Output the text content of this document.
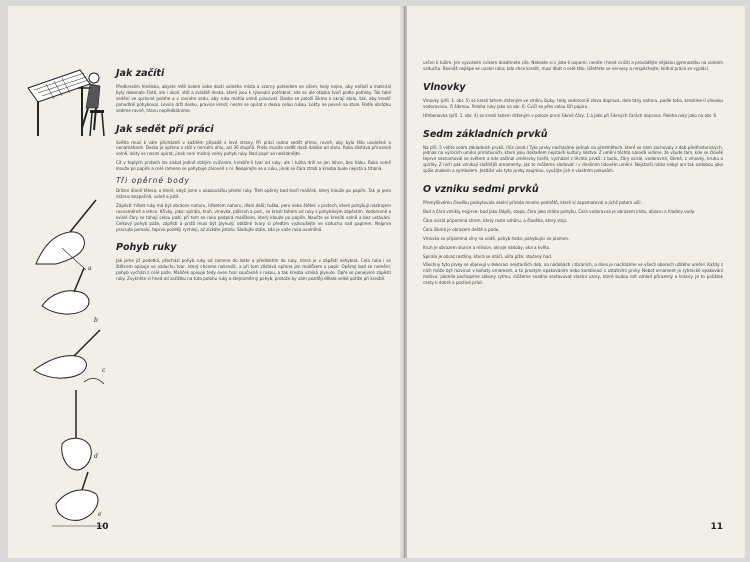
a
b
c
d
e
Jak začíti

Předkreslím hlediska, abyste měli kolem sebe dosti volného místa a vzorný pohledem ve všem, tedy nejen, aby nářadí a materiál byly dokonale čisté, ale i okolí, stůl a zvláště deska, které jsou k rýsování potřebné; zde se ale otázka tvoří podle potřeby. Tak také sedění ve správné polohe a v rovném sedu, aby ruka mohla volně pracovat. Deska se položí šikmo k okraji stolu, tak, aby kreslíř pohodlně pohyboval. Levice drží desku, pravice kreslí; nesmí se opírat o desku celou rukou. Lokty ne pevně na stole. Podle obrázku sedíme rovně, hlavu nepředkláníme.

Jak sedět při práci

Světlo musí k vám přicházeti v každém případě s levé strany. Při práci nutno sedět přímo, rovně, aby bylo tělo uvolněné a nenamáhané. Deska je opřena o stůl v mírném úhlu, asi 30 stupňů. Proto musíte sedět dosti daleko od stolu. Ruka zůstává přirozeně volně, lokty se nesmí opírat, jinak není možný volný pohyb ruky. Nad papír se nesklánějte.

Cit v teplých prstech lze získat jedině stálým cvičením, kreslíře-li tvar od ruky, ale i tužka drží se jen lehce, bez tlaku. Ruka volně klouže po papíře a celé rameno se pohybuje zároveň s ní. Neopírejte se o ruku, jinak se čára ztratí a kresba bude nejistá a trhaná.

Tři opěrné body

Držení dlaně tělesa, o které, když jsme v ukazováčku přední ruky. Třetí opěrný bod tvoří malíček, který klouže po papíře. Tak je pero drženo bezpečně, volně a jistě.

Zápěstí: hřbet ruky má být obrácen nahoru, hřbetem nahoru, dlaní dolů; tužka, pero nebo štětec v prstech, které pohybují nástrojem rovnoměrně a lehce. Křivky, jako: spirála, kruh, vlnovka, půlkruh a pod., se kreslí tahem od ruky s pohyblivým zápěstím. Vodorovné a svislé čáry se tahají celou paží; při tom se ruka podpírá malíčkem, který klouže po papíře. Naučte se kresliti volně a bez ustávání. Celkový pohyb paže, zápěstí a prstů musí být plynulý; obtížné tvary si předtím vyzkoušejte ve vzduchu nad papírem. Nejprve pracujte pomalu, teprve později rychleji, až získáte jistotu. Sledujte stále, zda je vaše ruka uvolněná.

Pohyb ruky

Jak jsme již podotkli, přechází pohyb ruky od ramene do lokte a předloktím do ruky, která je v zápěstí nehybná. Celá ruka i se štětcem opisuje ve vzduchu tvar, který chceme nakreslit, a při tom zůstává opřena jen malíčkem o papír. Opěrný bod se nemění; pohyb vychází z celé paže. Malíček opisuje tedy oven tvar současně s rukou, a tak kresba vzniká plynule. Opře se ponejvíce zápěstí ruky. Zvykněte si hned od začátku na tuto polohu ruky a stejnoměrný pohyb, protože by vám později dělala velké potíže při kresbě.

10

určen k tuším. Jen vyzváním cvikem dosáhnete cíle. Nekoste si s jisto-li úsporní, neníte i hned cvičiti a provádějte nějakou gymnastiku na volném vzduchu. Rovněž nejlépe se uvolní ruka; kdo chce kreslit, musí dbát o celé tělo. Ušetřete se nervosy a nespěchejte; klidná práce se vyplácí.

Vlnovky

Vlnovky (příl. 1. obr. 5) se kreslí tahem drženým ve směru šipky, tedy vodorovně zleva doprava, dole tahy nahoru, podle toho, kreslíme-li vlnovku vodorovnou, či šikmou. Poloha ruky jako na obr. 6. Cvičí se přes celou šíři papíru.

Hřebenovka (příl. 1. obr. 4) se kreslí tahem drženým v poloze první šikmé čáry, 1 a jako při šikmých čarách doprava. Poloha ruky jako na obr. 6.

Sedm základních prvků

Na příl. 5 vidíte sedm základních prvků. (Viz úvod.) Tyto prvky nacházíme jednak na předmětech, které se nám zachovaly z dob předhistorických, jednak na výrocích umění primitivních, které jsou dokladem nejstarší kultury lidstva. Z umění těchto národů vidíme, že všude tam, kde se člověk teprve seznamoval se světem a kde začínal umělecky tvořit, vycházel z těchto prvků: z bodu, čáry svislé, vodorovné, šikmé, z vlnovky, kruhu a spirály. Z nich pak vznikají složitější ornamenty, jak to můžeme sledovat i v dnešním lidovém umění. Nejstarší nález nebyl ani tak ozdobou jako spíše znakem a symbolem. Jestliže vás tyto prvky zaujmou, využijte jich k vlastním pokusům.

O vzniku sedmi prvků

Přemýšlivému člověku poskytovala okolní příroda mnoho podnětů, které si zapamatoval a jichž potom užil.

Bod a čára vznikly nejprve: bod jako šlépěj, stopa, čára jako dráha pohybu. Čára vodorovná je obrazem klidu, obzoru a hladiny vody.

Čára svislá připomíná strom, který roste vzhůru, a člověka, který stojí.

Čára šikmá je obrazem deště a pádu.

Vlnovka se připomíná vlny na vodě, pohyb hada; pohybující se plamen.

Kruh je obrazem slunce a měsíce, okraje nádoby, oka a květu.

Spirála je obraz rostliny, která se otáčí, ulita plže; stočený had.

Všechny tyto prvky se objevují v dekoraci nejstarších dob, na nádobách i zbraních, a dnes je nacházíme ve všech oborech užitého umění. Každý z nich může být rozvinut v bohatý ornament, a to prostým opakováním nebo kombinací s ostatními prvky. Neboť ornament je rytmické opakování motivu; jakmile pochopíme zákony rytmu, můžeme snadno sestavovat vlastní vzory, které budou mít vzhled přirozený a krásný. Je to počátek cesty k dobré a poctivé práci.

11
